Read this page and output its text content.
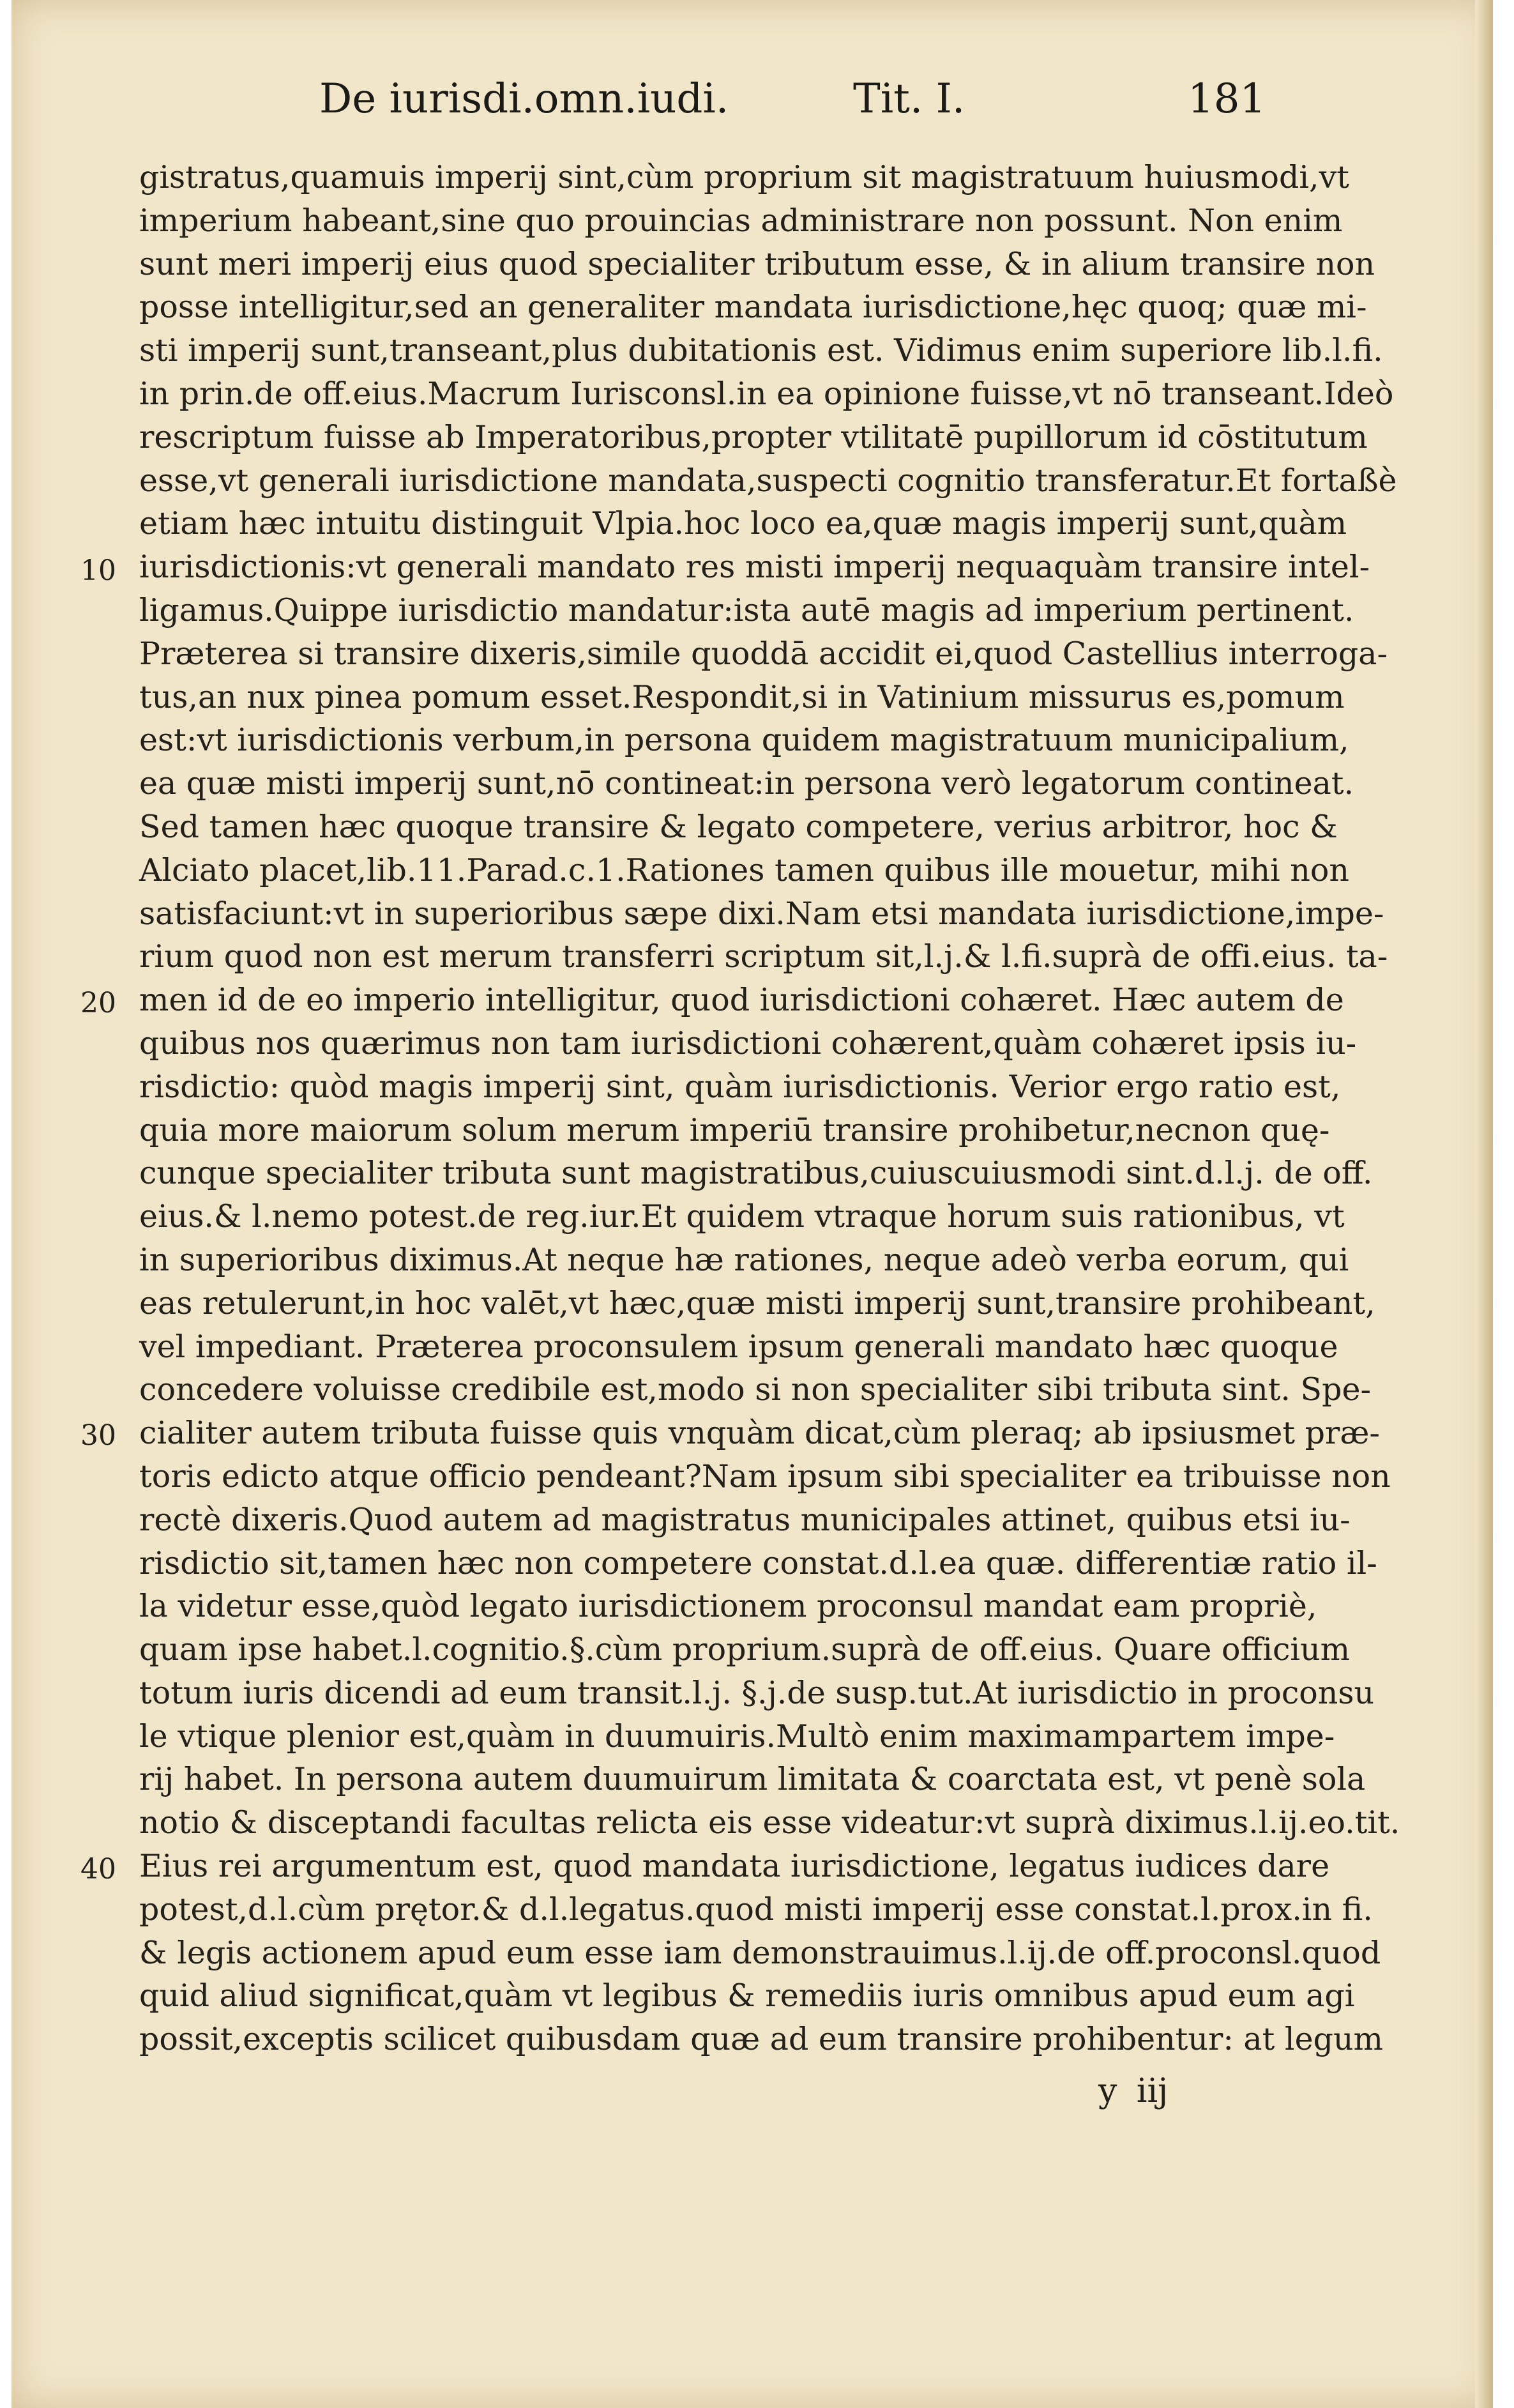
De iurisdi.omn.iudi.	Tit. I.	181
gistratus,quamuis imperij sint,cùm proprium sit magistratuum huiusmodi,vt
imperium habeant,sine quo prouincias administrare non possunt. Non enim
sunt meri imperij eius quod specialiter tributum esse, & in alium transire non
posse intelligitur,sed an generaliter mandata iurisdictione,hęc quoq; quæ mi-
sti imperij sunt,transeant,plus dubitationis est. Vidimus enim superiore lib.l.fi.
in prin.de off.eius.Macrum Iurisconsl.in ea opinione fuisse,vt nō transeant.Ideò
rescriptum fuisse ab Imperatoribus,propter vtilitatē pupillorum id cōstitutum
esse,vt generali iurisdictione mandata,suspecti cognitio transferatur.Et fortaßè
etiam hæc intuitu distinguit Vlpia.hoc loco ea,quæ magis imperij sunt,quàm
iurisdictionis:vt generali mandato res misti imperij nequaquàm transire intel-
ligamus.Quippe iurisdictio mandatur:ista autē magis ad imperium pertinent.
Præterea si transire dixeris,simile quoddā accidit ei,quod Castellius interroga-
tus,an nux pinea pomum esset.Respondit,si in Vatinium missurus es,pomum
est:vt iurisdictionis verbum,in persona quidem magistratuum municipalium,
ea quæ misti imperij sunt,nō contineat:in persona verò legatorum contineat.
Sed tamen hæc quoque transire & legato competere, verius arbitror, hoc &
Alciato placet,lib.11.Parad.c.1.Rationes tamen quibus ille mouetur, mihi non
satisfaciunt:vt in superioribus sæpe dixi.Nam etsi mandata iurisdictione,impe-
rium quod non est merum transferri scriptum sit,l.j.& l.fi.suprà de offi.eius. ta-
men id de eo imperio intelligitur, quod iurisdictioni cohæret. Hæc autem de
quibus nos quærimus non tam iurisdictioni cohærent,quàm cohæret ipsis iu-
risdictio: quòd magis imperij sint, quàm iurisdictionis. Verior ergo ratio est,
quia more maiorum solum merum imperiū transire prohibetur,necnon quę-
cunque specialiter tributa sunt magistratibus,cuiuscuiusmodi sint.d.l.j. de off.
eius.& l.nemo potest.de reg.iur.Et quidem vtraque horum suis rationibus, vt
in superioribus diximus.At neque hæ rationes, neque adeò verba eorum, qui
eas retulerunt,in hoc valēt,vt hæc,quæ misti imperij sunt,transire prohibeant,
vel impediant. Præterea proconsulem ipsum generali mandato hæc quoque
concedere voluisse credibile est,modo si non specialiter sibi tributa sint. Spe-
cialiter autem tributa fuisse quis vnquàm dicat,cùm pleraq; ab ipsiusmet præ-
toris edicto atque officio pendeant?Nam ipsum sibi specialiter ea tribuisse non
rectè dixeris.Quod autem ad magistratus municipales attinet, quibus etsi iu-
risdictio sit,tamen hæc non competere constat.d.l.ea quæ. differentiæ ratio il-
la videtur esse,quòd legato iurisdictionem proconsul mandat eam propriè,
quam ipse habet.l.cognitio.§.cùm proprium.suprà de off.eius. Quare officium
totum iuris dicendi ad eum transit.l.j. §.j.de susp.tut.At iurisdictio in proconsu
le vtique plenior est,quàm in duumuiris.Multò enim maximampartem impe-
rij habet. In persona autem duumuirum limitata & coarctata est, vt penè sola
notio & disceptandi facultas relicta eis esse videatur:vt suprà diximus.l.ij.eo.tit.
Eius rei argumentum est, quod mandata iurisdictione, legatus iudices dare
potest,d.l.cùm prętor.& d.l.legatus.quod misti imperij esse constat.l.prox.in fi.
& legis actionem apud eum esse iam demonstrauimus.l.ij.de off.proconsl.quod
quid aliud significat,quàm vt legibus & remediis iuris omnibus apud eum agi
possit,exceptis scilicet quibusdam quæ ad eum transire prohibentur: at legum
10
20
30
40
y iij
